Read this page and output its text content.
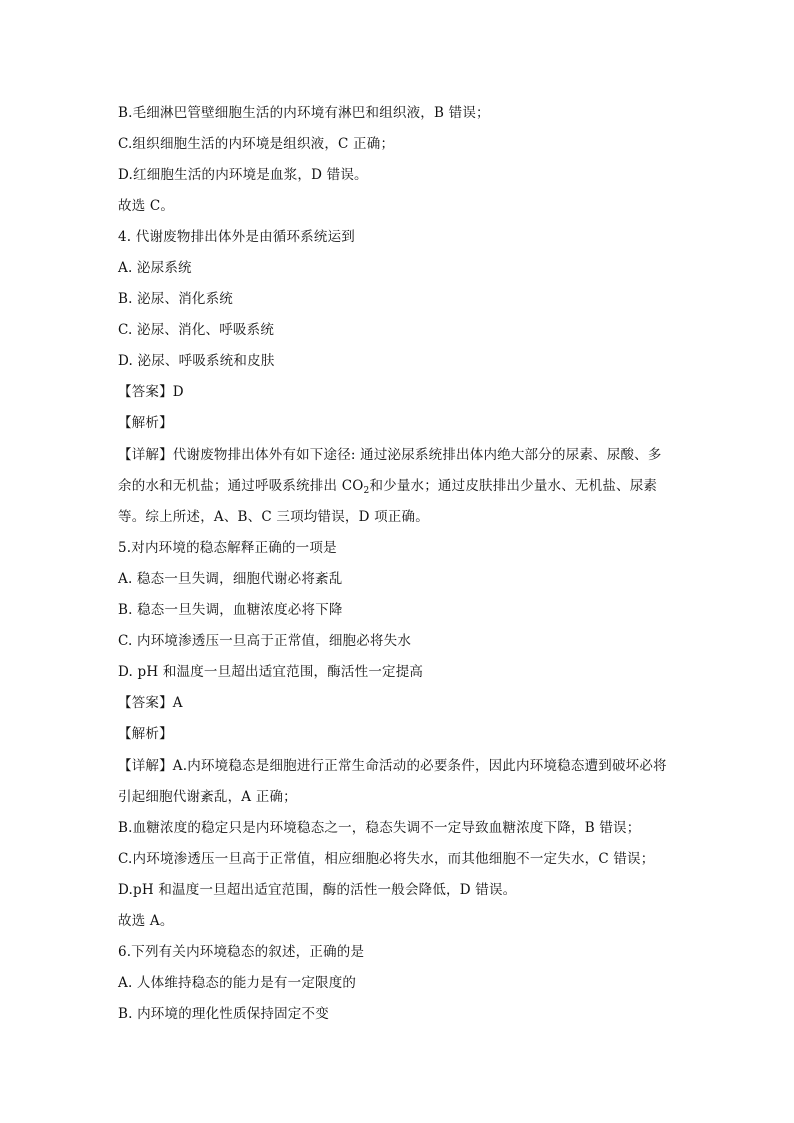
B.毛细淋巴管壁细胞生活的内环境有淋巴和组织液，B 错误；
C.组织细胞生活的内环境是组织液，C 正确；
D.红细胞生活的内环境是血浆，D 错误。
故选 C。
4. 代谢废物排出体外是由循环系统运到
A. 泌尿系统
B. 泌尿、消化系统
C. 泌尿、消化、呼吸系统
D. 泌尿、呼吸系统和皮肤
【答案】D
【解析】
【详解】代谢废物排出体外有如下途径: 通过泌尿系统排出体内绝大部分的尿素、尿酸、多
余的水和无机盐；通过呼吸系统排出 $CO_2$和少量水；通过皮肤排出少量水、无机盐、尿素
等。综上所述，A、B、C 三项均错误，D 项正确。
5.对内环境的稳态解释正确的一项是
A. 稳态一旦失调，细胞代谢必将紊乱
B. 稳态一旦失调，血糖浓度必将下降
C. 内环境渗透压一旦高于正常值，细胞必将失水
D. pH 和温度一旦超出适宜范围，酶活性一定提高
【答案】A
【解析】
【详解】A.内环境稳态是细胞进行正常生命活动的必要条件，因此内环境稳态遭到破坏必将
引起细胞代谢紊乱，A 正确；
B.血糖浓度的稳定只是内环境稳态之一，稳态失调不一定导致血糖浓度下降，B 错误；
C.内环境渗透压一旦高于正常值，相应细胞必将失水，而其他细胞不一定失水，C 错误；
D.pH 和温度一旦超出适宜范围，酶的活性一般会降低，D 错误。
故选 A。
6.下列有关内环境稳态的叙述，正确的是
A. 人体维持稳态的能力是有一定限度的
B. 内环境的理化性质保持固定不变
